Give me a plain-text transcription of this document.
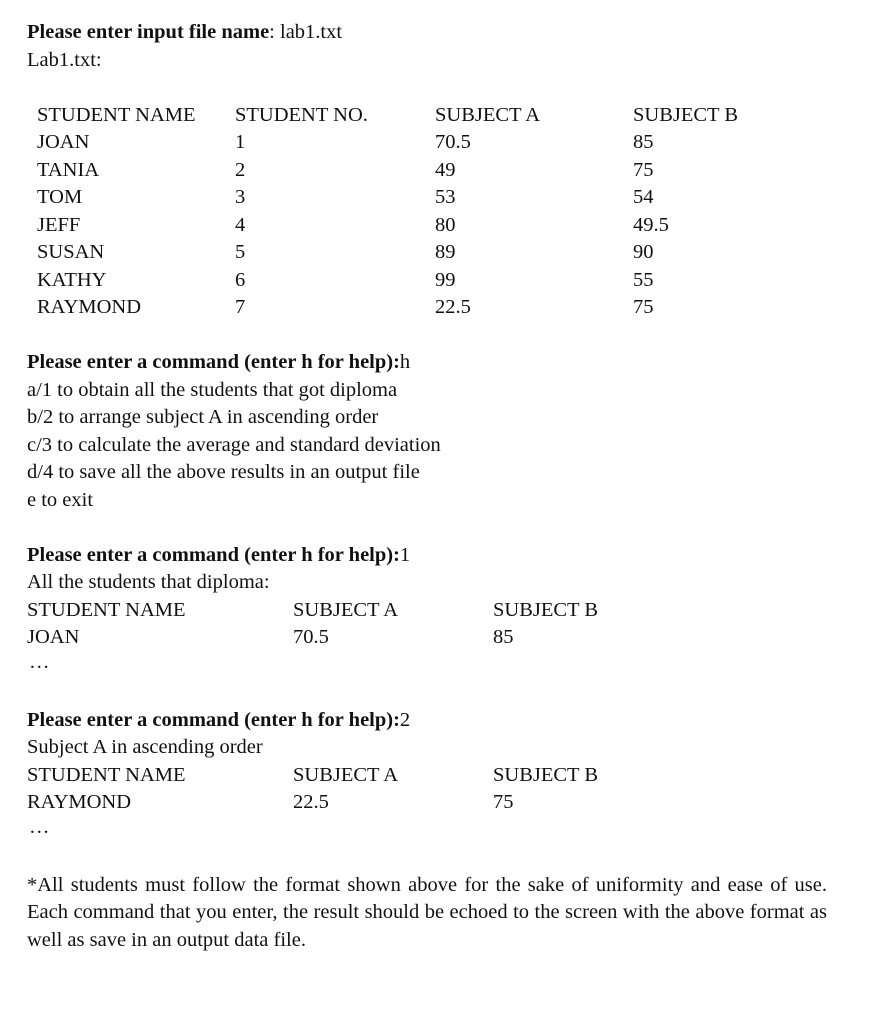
Please enter input file name: lab1.txt
Lab1.txt:
STUDENT NAME	STUDENT NO.	SUBJECT A	SUBJECT B
JOAN	1	70.5	85
TANIA	2	49	75
TOM	3	53	54
JEFF	4	80	49.5
SUSAN	5	89	90
KATHY	6	99	55
RAYMOND	7	22.5	75
Please enter a command (enter h for help):h
a/1 to obtain all the students that got diploma
b/2 to arrange subject A in ascending order
c/3 to calculate the average and standard deviation
d/4 to save all the above results in an output file
e to exit
Please enter a command (enter h for help):1
All the students that diploma:
STUDENT NAME	SUBJECT A	SUBJECT B
JOAN	70.5	85
…
Please enter a command (enter h for help):2
Subject A in ascending order
STUDENT NAME	SUBJECT A	SUBJECT B
RAYMOND	22.5	75
…
*All students must follow the format shown above for the sake of uniformity and ease of use. Each command that you enter, the result should be echoed to the screen with the above format as well as save in an output data file.
